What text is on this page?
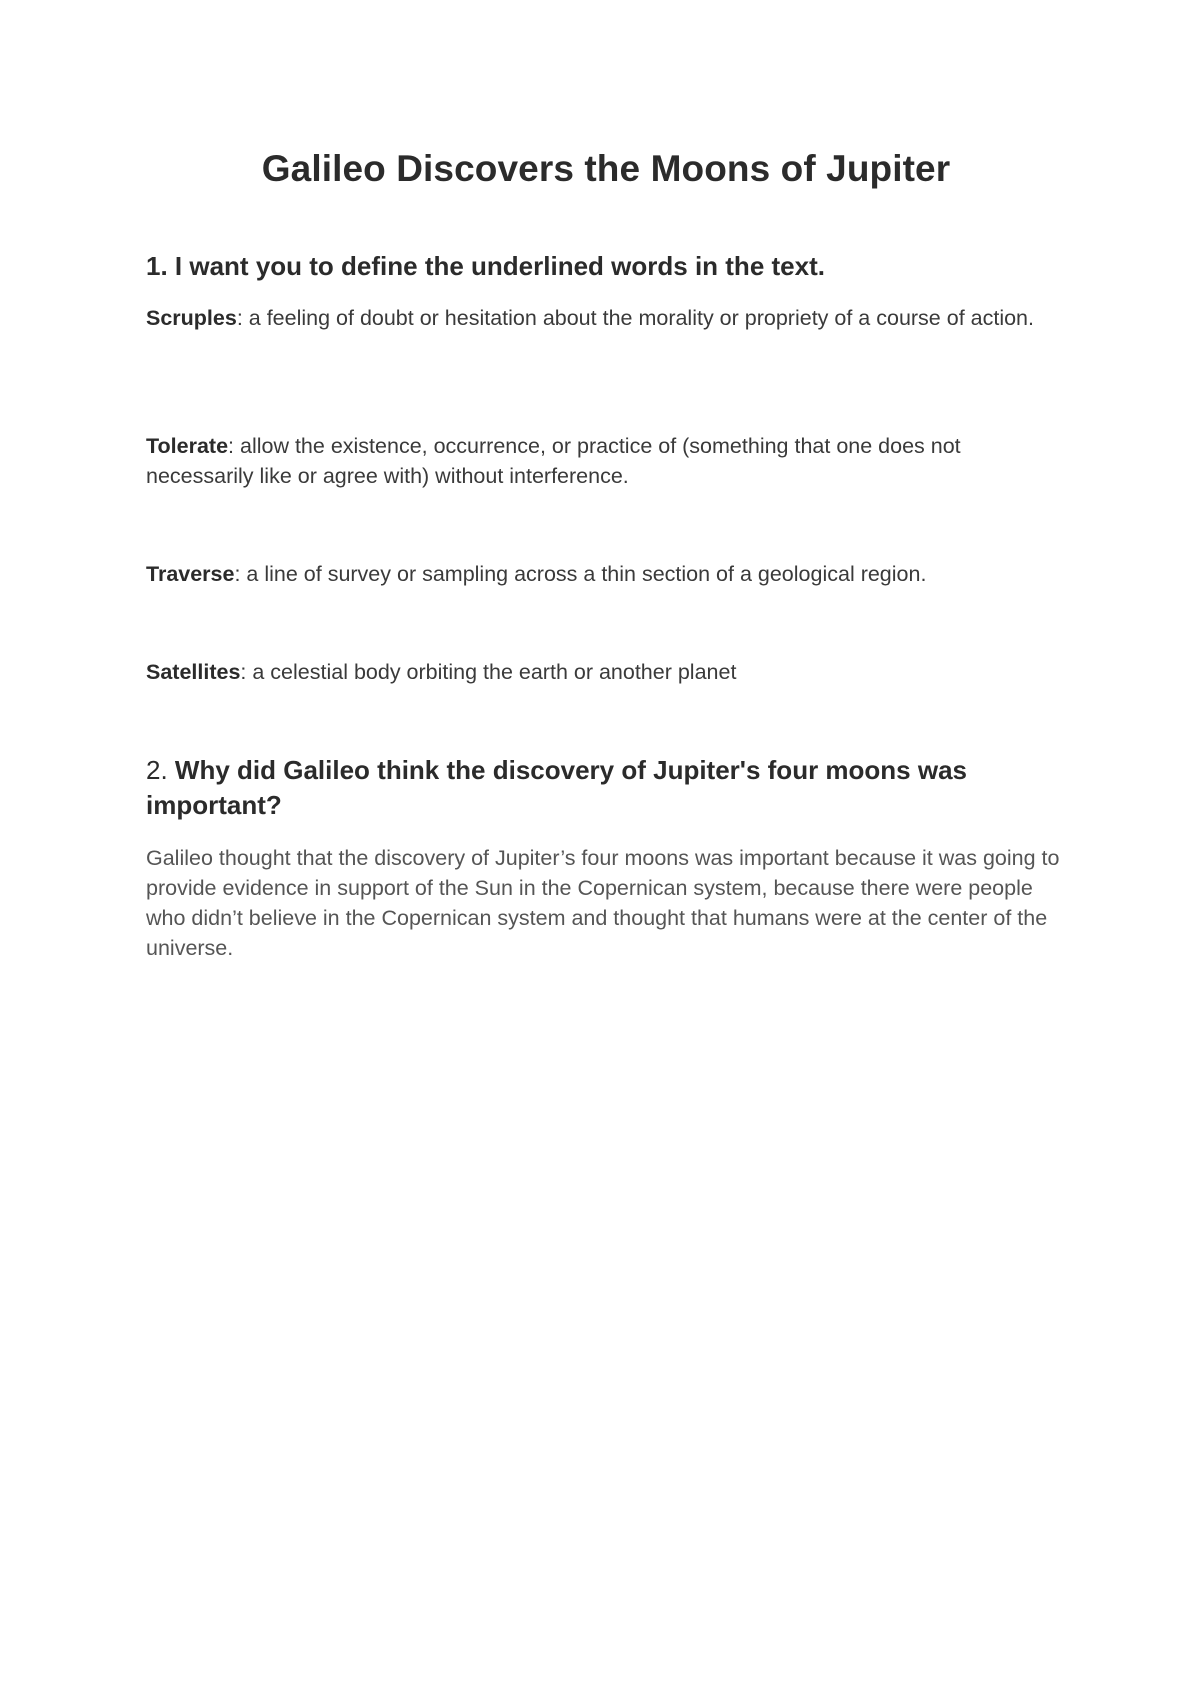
Galileo Discovers the Moons of Jupiter
1. I want you to define the underlined words in the text.

Scruples: a feeling of doubt or hesitation about the morality or propriety of a course of action.

Tolerate: allow the existence, occurrence, or practice of (something that one does not necessarily like or agree with) without interference.

Traverse: a line of survey or sampling across a thin section of a geological region.

Satellites: a celestial body orbiting the earth or another planet

2. Why did Galileo think the discovery of Jupiter's four moons was important?

Galileo thought that the discovery of Jupiter’s four moons was important because it was going to provide evidence in support of the Sun in the Copernican system, because there were people who didn’t believe in the Copernican system and thought that humans were at the center of the universe.
